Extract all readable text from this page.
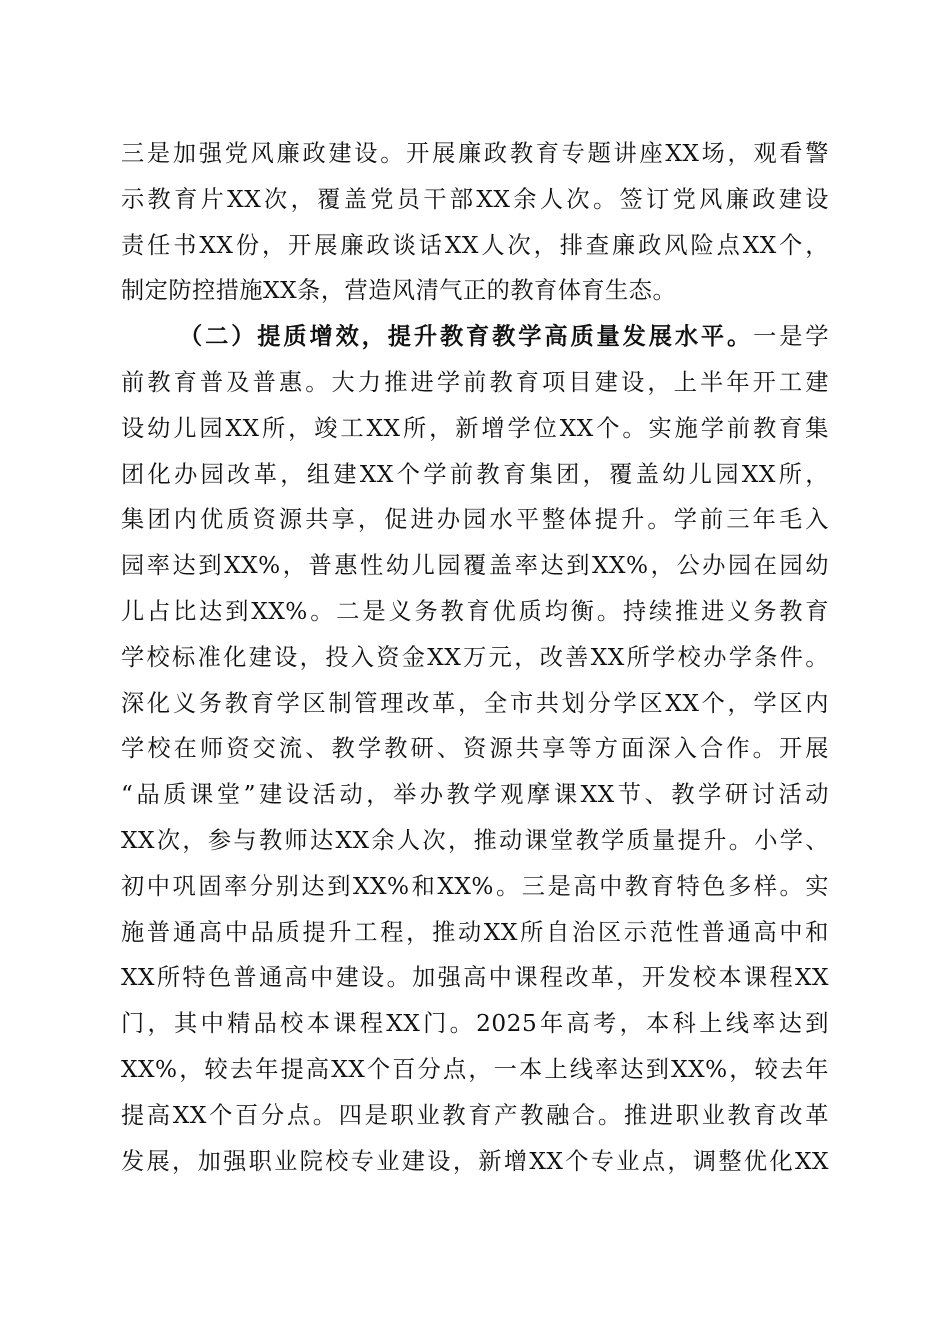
三是加强党风廉政建设。开展廉政教育专题讲座XX场，观看警
示教育片XX次，覆盖党员干部XX余人次。签订党风廉政建设
责任书XX份，开展廉政谈话XX人次，排查廉政风险点XX个，
制定防控措施XX条，营造风清气正的教育体育生态。
（二）提质增效，提升教育教学高质量发展水平。一是学
前教育普及普惠。大力推进学前教育项目建设，上半年开工建
设幼儿园XX所，竣工XX所，新增学位XX个。实施学前教育集
团化办园改革，组建XX个学前教育集团，覆盖幼儿园XX所，
集团内优质资源共享，促进办园水平整体提升。学前三年毛入
园率达到XX%，普惠性幼儿园覆盖率达到XX%，公办园在园幼
儿占比达到XX%。二是义务教育优质均衡。持续推进义务教育
学校标准化建设，投入资金XX万元，改善XX所学校办学条件。
深化义务教育学区制管理改革，全市共划分学区XX个，学区内
学校在师资交流、教学教研、资源共享等方面深入合作。开展
“品质课堂”建设活动，举办教学观摩课XX节、教学研讨活动
XX次，参与教师达XX余人次，推动课堂教学质量提升。小学、
初中巩固率分别达到XX%和XX%。三是高中教育特色多样。实
施普通高中品质提升工程，推动XX所自治区示范性普通高中和
XX所特色普通高中建设。加强高中课程改革，开发校本课程XX
门，其中精品校本课程XX门。2025年高考，本科上线率达到
XX%，较去年提高XX个百分点，一本上线率达到XX%，较去年
提高XX个百分点。四是职业教育产教融合。推进职业教育改革
发展，加强职业院校专业建设，新增XX个专业点，调整优化XX
